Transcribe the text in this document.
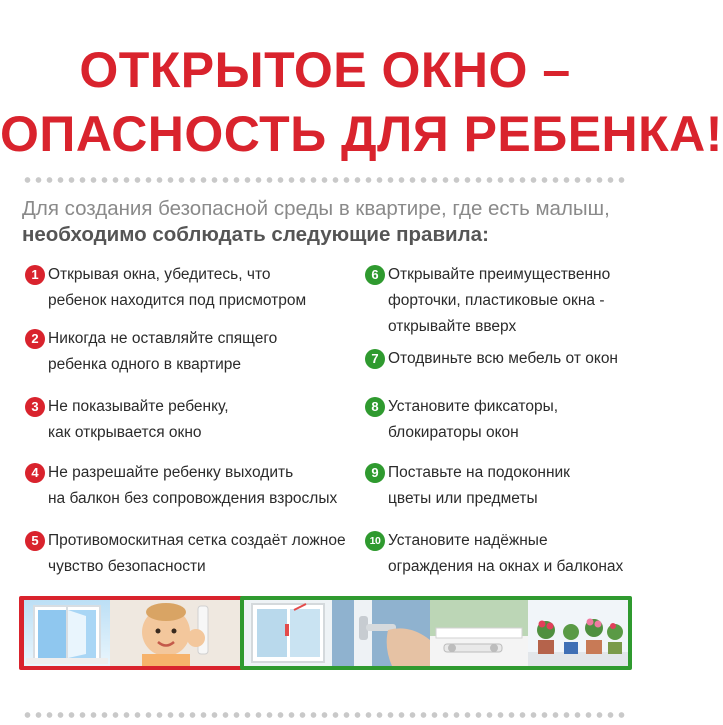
ОТКРЫТОЕ ОКНО –
ОПАСНОСТЬ ДЛЯ РЕБЕНКА!
Для создания безопасной среды в квартире, где есть малыш,
необходимо соблюдать следующие правила:
1 Открывая окна, убедитесь, что
ребенок находится под присмотром
2 Никогда не оставляйте спящего
ребенка одного в квартире
3 Не показывайте ребенку,
как открывается окно
4 Не разрешайте ребенку выходить
на балкон без сопровождения взрослых
5 Противомоскитная сетка создаёт ложное
чувство безопасности
6 Открывайте преимущественно
форточки, пластиковые окна -
открывайте вверх
7 Отодвиньте всю мебель от окон
8 Установите фиксаторы,
блокираторы окон
9 Поставьте на подоконник
цветы или предметы
10 Установите надёжные
ограждения на окнах и балконах
